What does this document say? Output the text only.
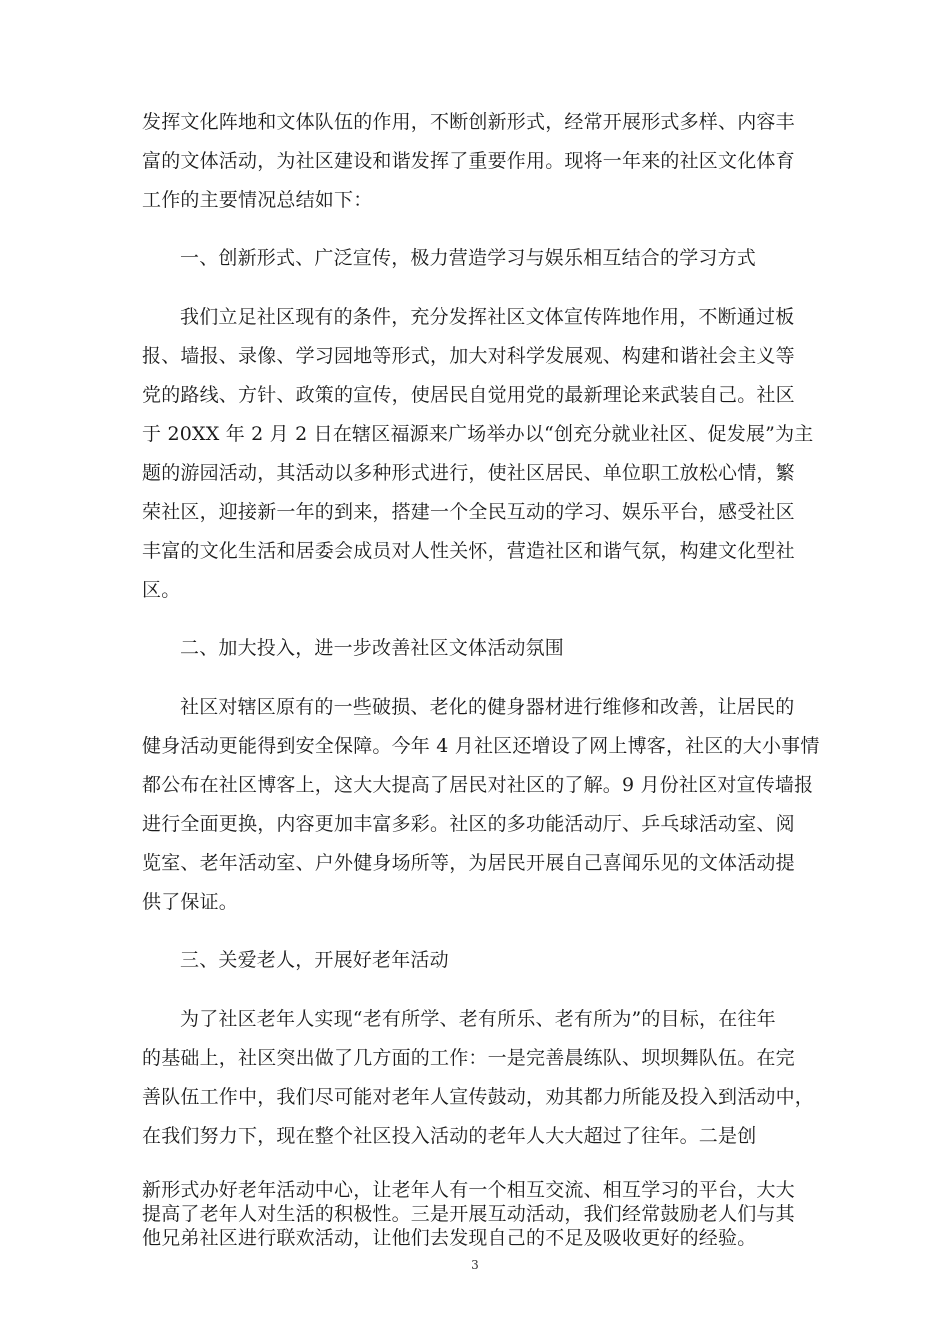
发挥文化阵地和文体队伍的作用，不断创新形式，经常开展形式多样、内容丰
富的文体活动，为社区建设和谐发挥了重要作用。现将一年来的社区文化体育
工作的主要情况总结如下：
一、创新形式、广泛宣传，极力营造学习与娱乐相互结合的学习方式
我们立足社区现有的条件，充分发挥社区文体宣传阵地作用，不断通过板
报、墙报、录像、学习园地等形式，加大对科学发展观、构建和谐社会主义等
党的路线、方针、政策的宣传，使居民自觉用党的最新理论来武装自己。社区
于 20XX 年 2 月 2 日在辖区福源来广场举办以“创充分就业社区、促发展”为主
题的游园活动，其活动以多种形式进行，使社区居民、单位职工放松心情，繁
荣社区，迎接新一年的到来，搭建一个全民互动的学习、娱乐平台，感受社区
丰富的文化生活和居委会成员对人性关怀，营造社区和谐气氛，构建文化型社
区。
二、加大投入，进一步改善社区文体活动氛围
社区对辖区原有的一些破损、老化的健身器材进行维修和改善，让居民的
健身活动更能得到安全保障。今年 4 月社区还增设了网上博客，社区的大小事情
都公布在社区博客上，这大大提高了居民对社区的了解。9 月份社区对宣传墙报
进行全面更换，内容更加丰富多彩。社区的多功能活动厅、乒乓球活动室、阅
览室、老年活动室、户外健身场所等，为居民开展自己喜闻乐见的文体活动提
供了保证。
三、关爱老人，开展好老年活动
为了社区老年人实现“老有所学、老有所乐、老有所为”的目标，在往年
的基础上，社区突出做了几方面的工作：一是完善晨练队、坝坝舞队伍。在完
善队伍工作中，我们尽可能对老年人宣传鼓动，劝其都力所能及投入到活动中，
在我们努力下，现在整个社区投入活动的老年人大大超过了往年。二是创
新形式办好老年活动中心，让老年人有一个相互交流、相互学习的平台，大大
提高了老年人对生活的积极性。三是开展互动活动，我们经常鼓励老人们与其
他兄弟社区进行联欢活动，让他们去发现自己的不足及吸收更好的经验。
3
